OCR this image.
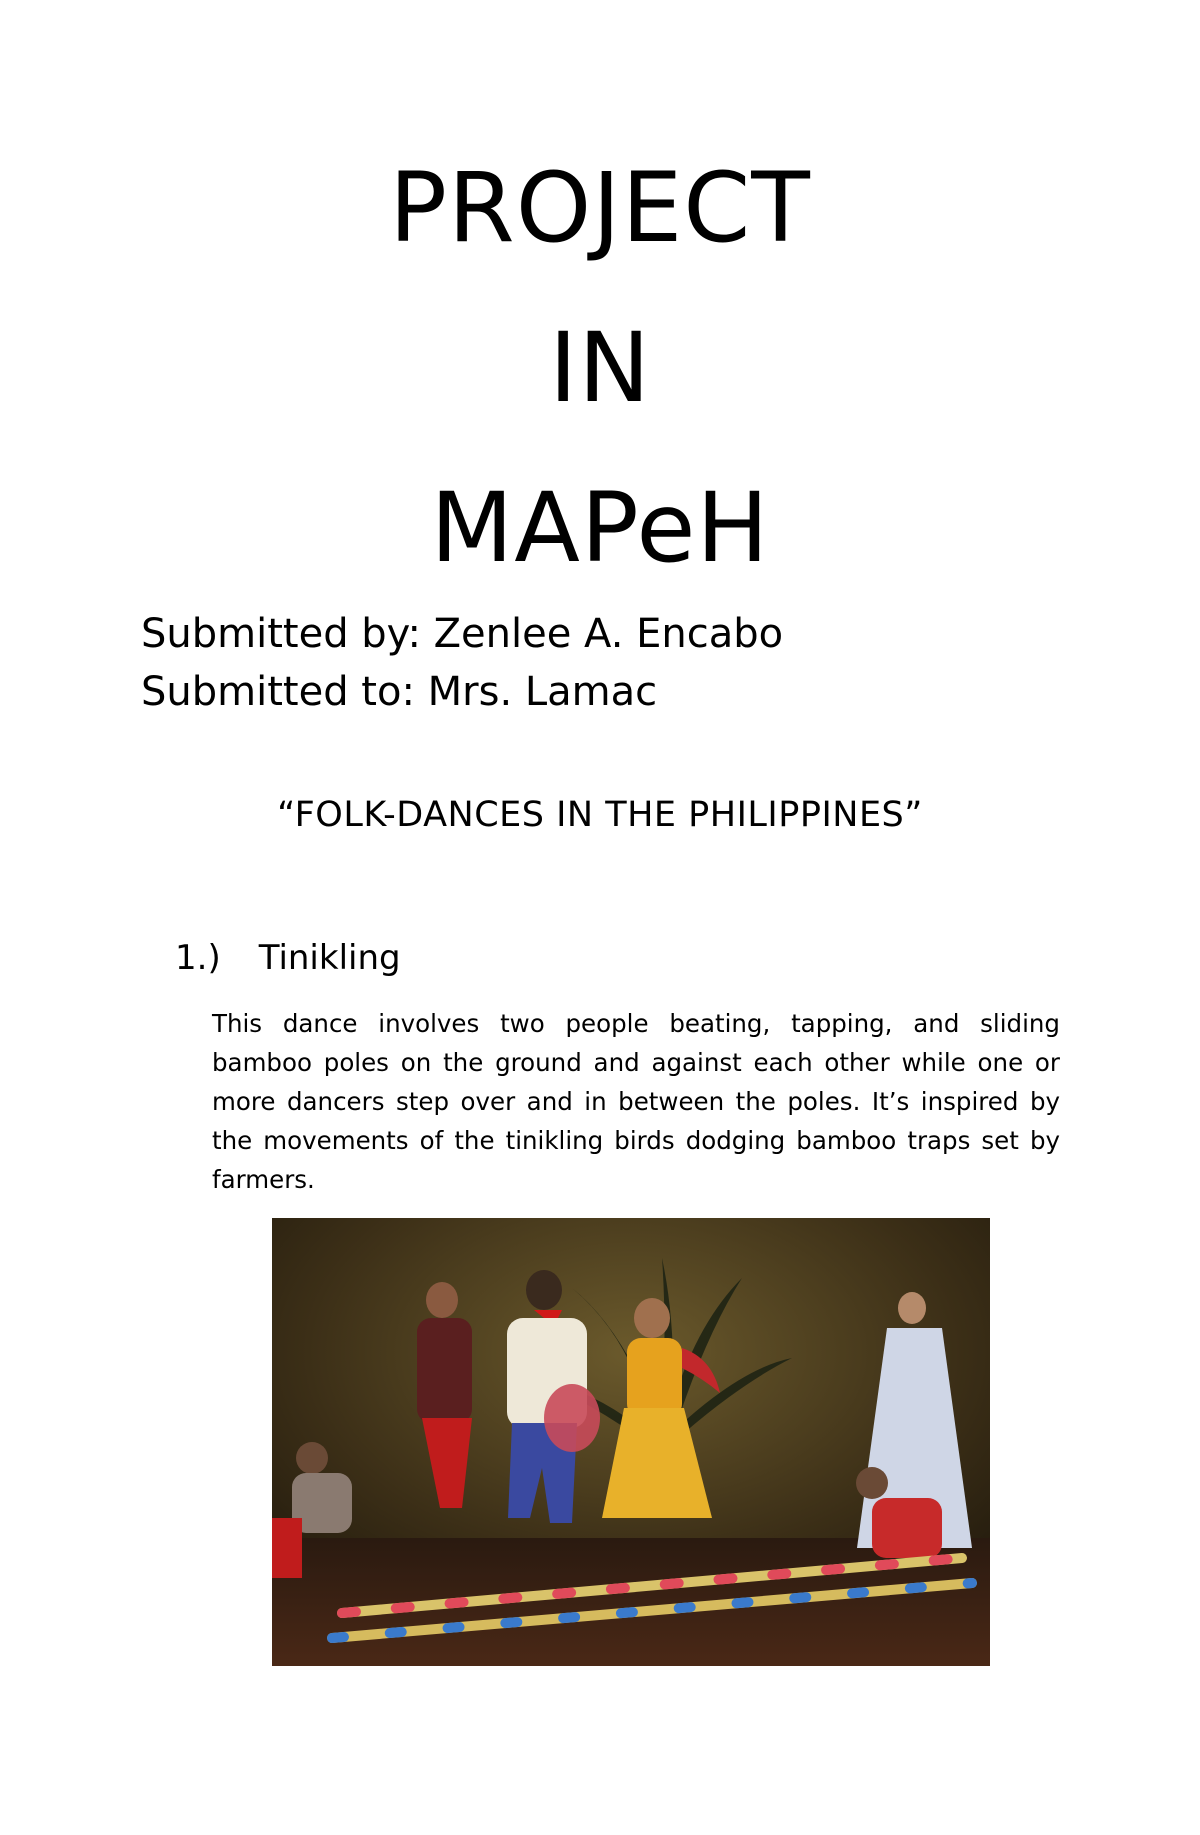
PROJECT
IN
MAPeH
Submitted by: Zenlee A. Encabo
Submitted to: Mrs. Lamac
“FOLK-DANCES IN THE PHILIPPINES”
1.) Tinikling
This dance involves two people beating, tapping, and sliding bamboo poles on the ground and against each other while one or more dancers step over and in between the poles. It’s inspired by the movements of the tinikling birds dodging bamboo traps set by farmers.
